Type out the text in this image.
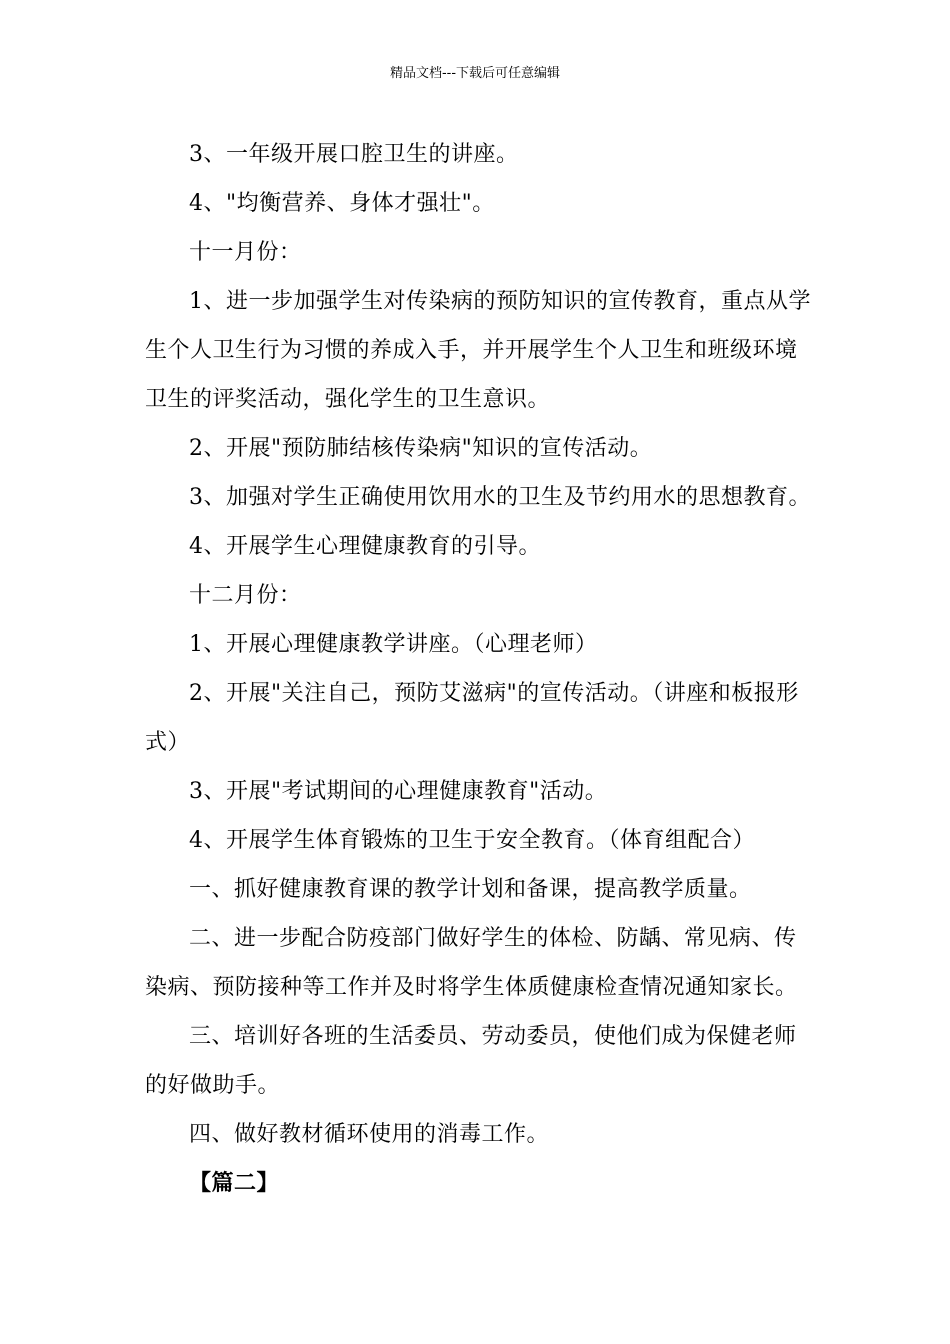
精品文档---下载后可任意编辑

3、一年级开展口腔卫生的讲座。

4、"均衡营养、身体才强壮"。

十一月份：

1、进一步加强学生对传染病的预防知识的宣传教育，重点从学生个人卫生行为习惯的养成入手，并开展学生个人卫生和班级环境卫生的评奖活动，强化学生的卫生意识。

2、开展"预防肺结核传染病"知识的宣传活动。

3、加强对学生正确使用饮用水的卫生及节约用水的思想教育。

4、开展学生心理健康教育的引导。

十二月份：

1、开展心理健康教学讲座。（心理老师）

2、开展"关注自己，预防艾滋病"的宣传活动。（讲座和板报形式）

3、开展"考试期间的心理健康教育"活动。

4、开展学生体育锻炼的卫生于安全教育。（体育组配合）

一、抓好健康教育课的教学计划和备课，提高教学质量。

二、进一步配合防疫部门做好学生的体检、防龋、常见病、传染病、预防接种等工作并及时将学生体质健康检查情况通知家长。

三、培训好各班的生活委员、劳动委员，使他们成为保健老师的好做助手。

四、做好教材循环使用的消毒工作。

【篇二】
